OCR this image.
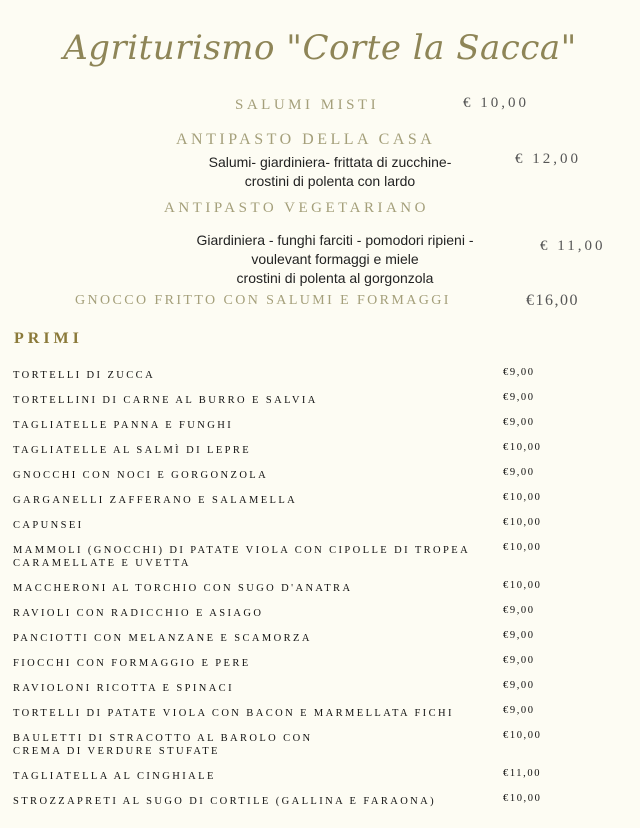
Agriturismo "Corte la Sacca"
SALUMI MISTI	€ 10,00
ANTIPASTO DELLA CASA
€ 12,00
Salumi- giardiniera- frittata di zucchine-
crostini di polenta con lardo
ANTIPASTO VEGETARIANO
€ 11,00
Giardiniera - funghi farciti - pomodori ripieni -
voulevant formaggi e miele
crostini di polenta al gorgonzola
GNOCCO FRITTO CON SALUMI E FORMAGGI	€16,00
PRIMI
TORTELLI DI ZUCCA	€9,00
TORTELLINI DI CARNE AL BURRO E SALVIA	€9,00
TAGLIATELLE PANNA E FUNGHI	€9,00
TAGLIATELLE AL SALMÌ DI LEPRE	€10,00
GNOCCHI CON NOCI E GORGONZOLA	€9,00
GARGANELLI ZAFFERANO E SALAMELLA	€10,00
CAPUNSEI	€10,00
MAMMOLI (GNOCCHI) DI PATATE VIOLA CON CIPOLLE DI TROPEA
CARAMELLATE E UVETTA
€10,00
MACCHERONI AL TORCHIO CON SUGO D'ANATRA	€10,00
RAVIOLI CON RADICCHIO E ASIAGO	€9,00
PANCIOTTI CON MELANZANE E SCAMORZA	€9,00
FIOCCHI CON FORMAGGIO E PERE	€9,00
RAVIOLONI RICOTTA E SPINACI	€9,00
TORTELLI DI PATATE VIOLA CON BACON E MARMELLATA FICHI	€9,00
BAULETTI DI STRACOTTO AL BAROLO CON
CREMA DI VERDURE STUFATE
€10,00
TAGLIATELLA AL CINGHIALE	€11,00
STROZZAPRETI AL SUGO DI CORTILE (GALLINA E FARAONA)	€10,00
